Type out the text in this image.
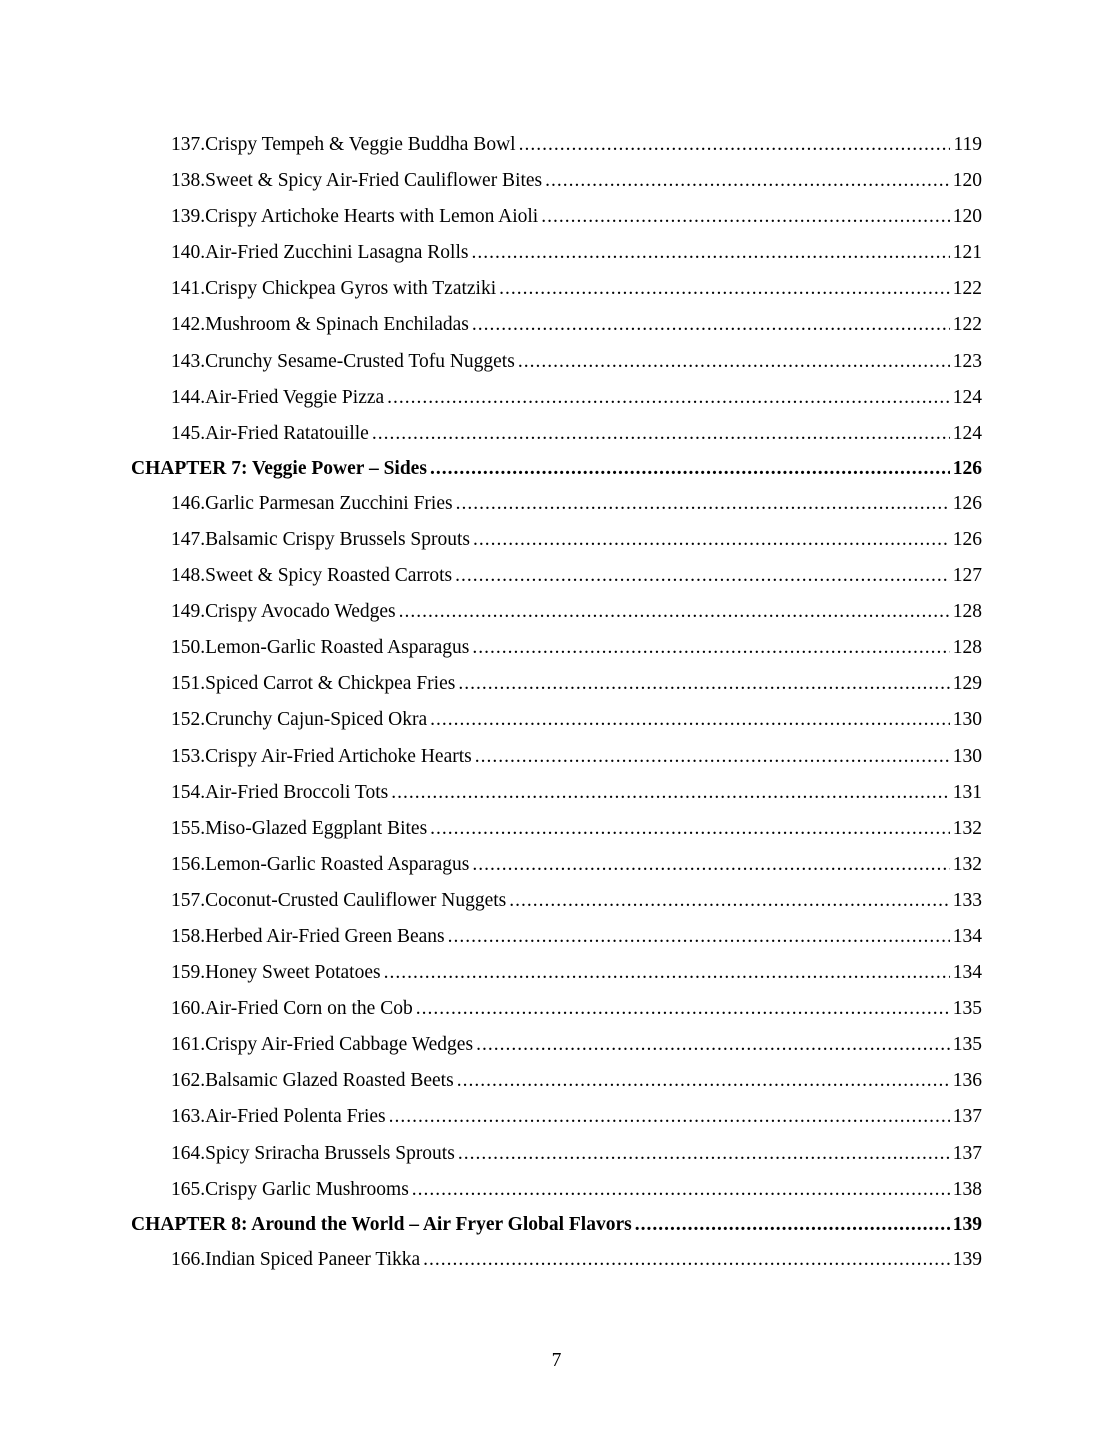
137. Crispy Tempeh & Veggie Buddha Bowl .....	119
138. Sweet & Spicy Air-Fried Cauliflower Bites .....	120
139. Crispy Artichoke Hearts with Lemon Aioli .....	120
140. Air-Fried Zucchini Lasagna Rolls .....	121
141. Crispy Chickpea Gyros with Tzatziki .....	122
142. Mushroom & Spinach Enchiladas .....	122
143. Crunchy Sesame-Crusted Tofu Nuggets .....	123
144. Air-Fried Veggie Pizza .....	124
145. Air-Fried Ratatouille .....	124
CHAPTER 7: Veggie Power – Sides .....	126
146. Garlic Parmesan Zucchini Fries .....	126
147. Balsamic Crispy Brussels Sprouts .....	126
148. Sweet & Spicy Roasted Carrots .....	127
149. Crispy Avocado Wedges .....	128
150. Lemon-Garlic Roasted Asparagus .....	128
151. Spiced Carrot & Chickpea Fries .....	129
152. Crunchy Cajun-Spiced Okra .....	130
153. Crispy Air-Fried Artichoke Hearts .....	130
154. Air-Fried Broccoli Tots .....	131
155. Miso-Glazed Eggplant Bites .....	132
156. Lemon-Garlic Roasted Asparagus .....	132
157. Coconut-Crusted Cauliflower Nuggets .....	133
158. Herbed Air-Fried Green Beans .....	134
159. Honey Sweet Potatoes .....	134
160. Air-Fried Corn on the Cob .....	135
161. Crispy Air-Fried Cabbage Wedges .....	135
162. Balsamic Glazed Roasted Beets .....	136
163. Air-Fried Polenta Fries .....	137
164. Spicy Sriracha Brussels Sprouts .....	137
165. Crispy Garlic Mushrooms .....	138
CHAPTER 8: Around the World – Air Fryer Global Flavors .....	139
166. Indian Spiced Paneer Tikka .....	139
7
